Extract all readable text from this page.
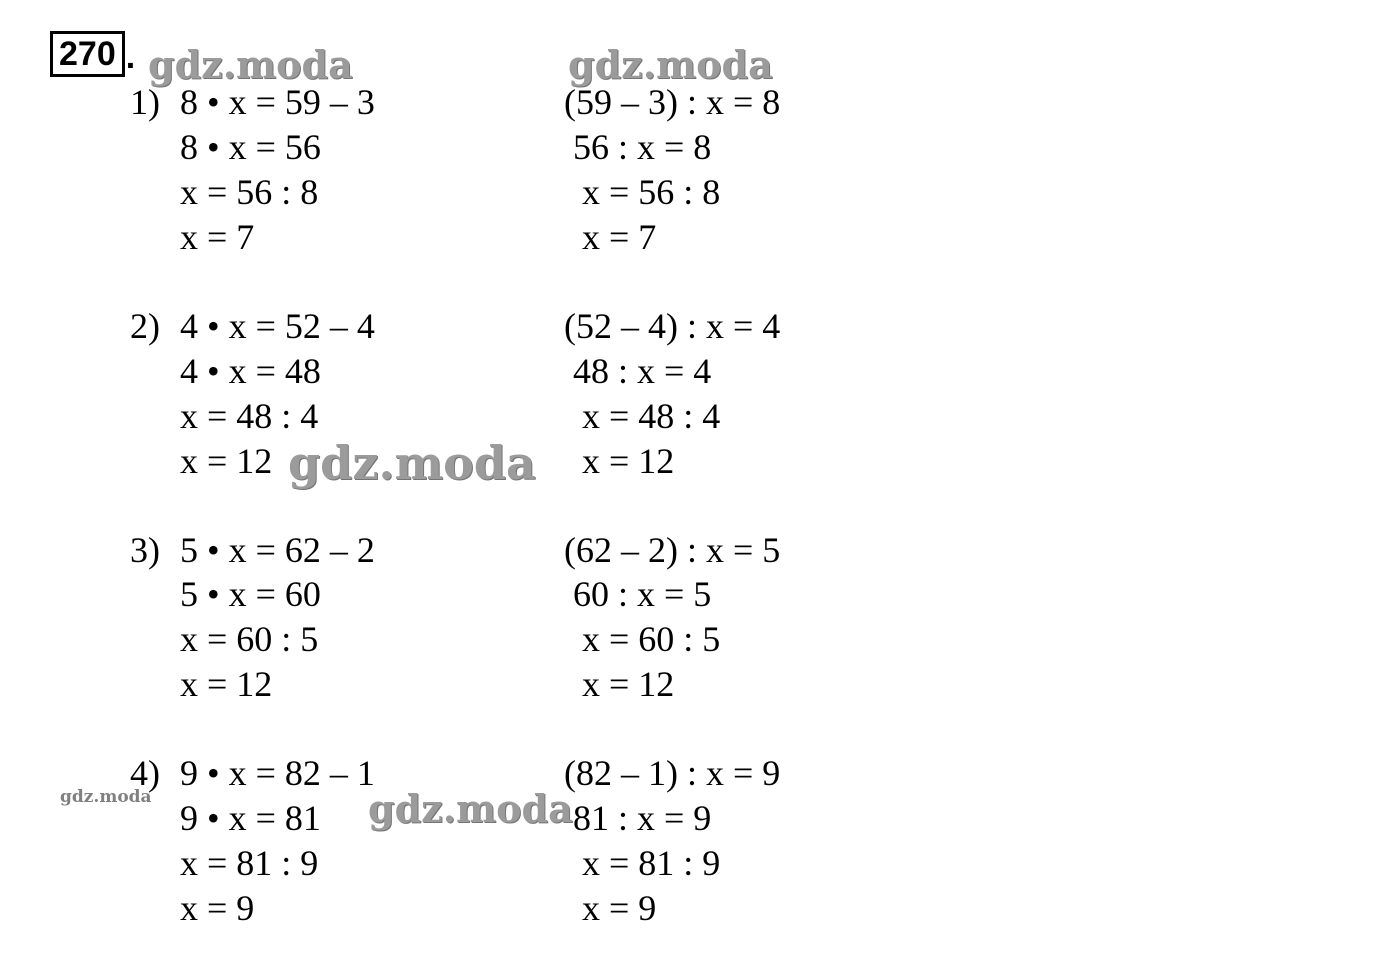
270 .
1) 8 • x = 59 – 3
8 • x = 56
x = 56 : 8
x = 7
(59 – 3) : x = 8
56 : x = 8
x = 56 : 8
x = 7
2) 4 • x = 52 – 4
4 • x = 48
x = 48 : 4
x = 12
(52 – 4) : x = 4
48 : x = 4
x = 48 : 4
x = 12
3) 5 • x = 62 – 2
5 • x = 60
x = 60 : 5
x = 12
(62 – 2) : x = 5
60 : x = 5
x = 60 : 5
x = 12
4) 9 • x = 82 – 1
9 • x = 81
x = 81 : 9
x = 9
(82 – 1) : x = 9
81 : x = 9
x = 81 : 9
x = 9
gdz.moda	gdz.moda
gdz.moda
gdz.moda
gdz.moda
